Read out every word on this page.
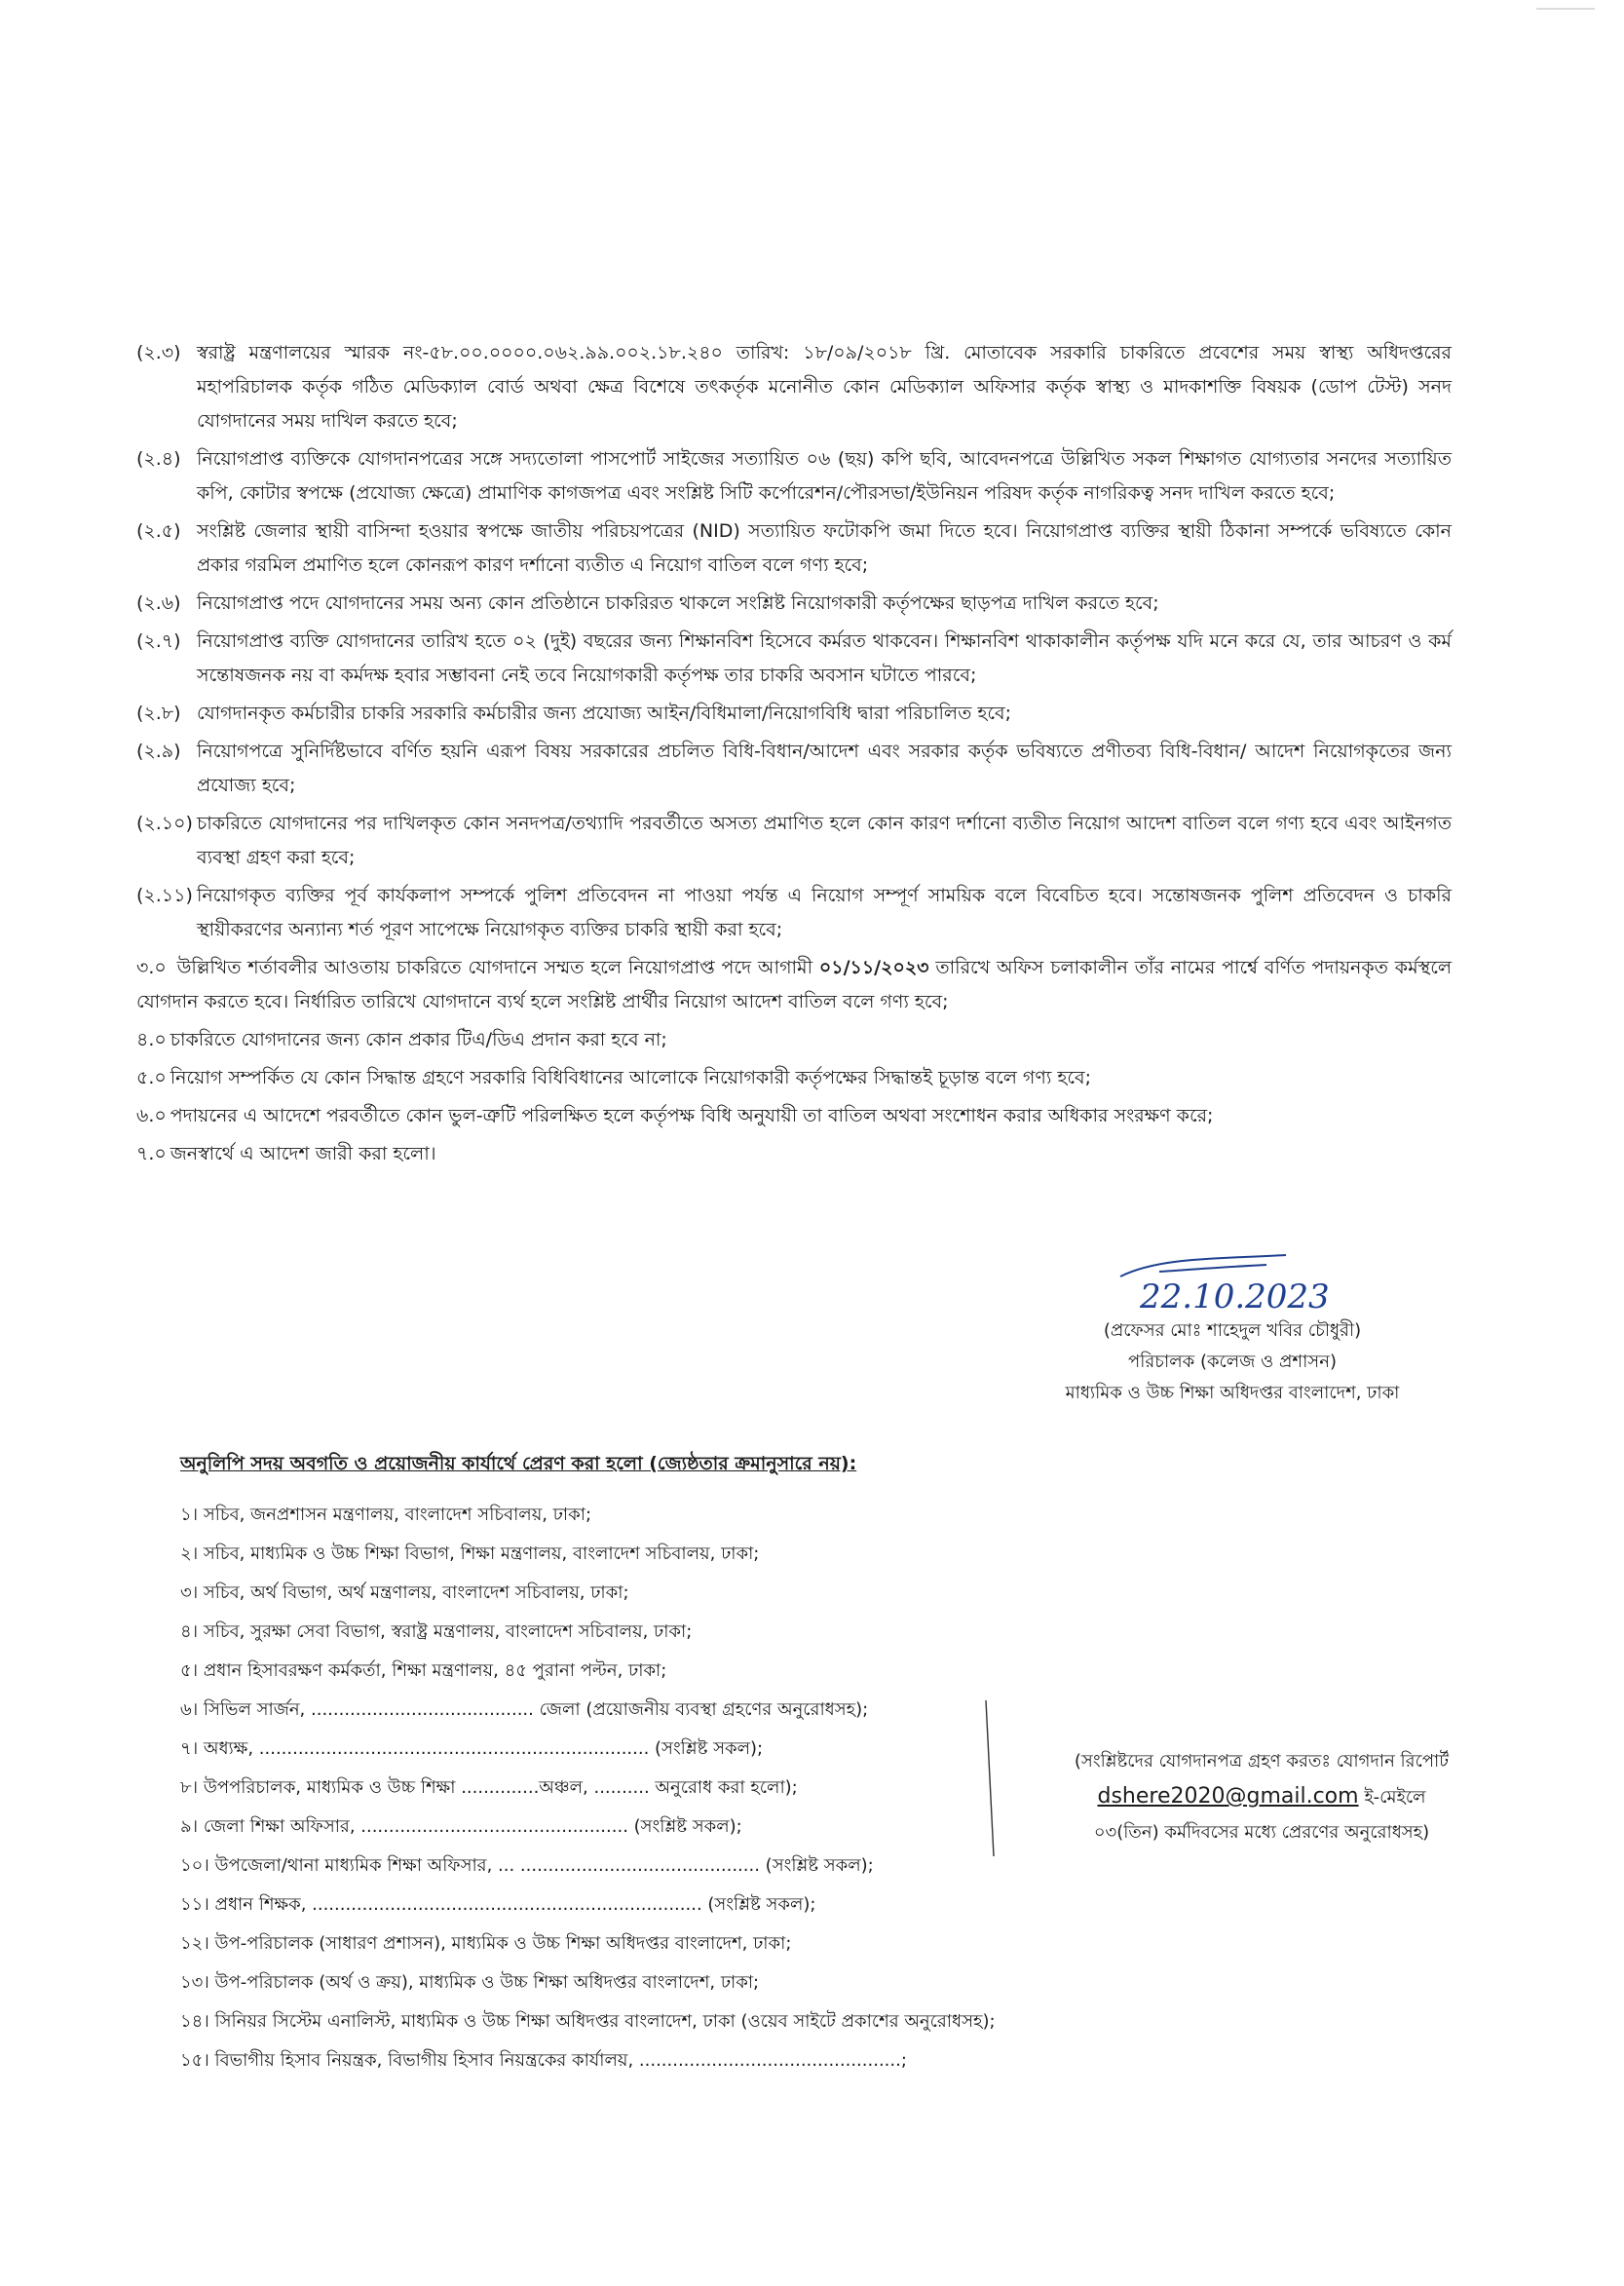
(২.৩) স্বরাষ্ট্র মন্ত্রণালয়ের স্মারক নং-৫৮.০০.০০০০.০৬২.৯৯.০০২.১৮.২৪০ তারিখ: ১৮/০৯/২০১৮ খ্রি. মোতাবেক সরকারি চাকরিতে প্রবেশের সময় স্বাস্থ্য অধিদপ্তরের মহাপরিচালক কর্তৃক গঠিত মেডিক্যাল বোর্ড অথবা ক্ষেত্র বিশেষে তৎকর্তৃক মনোনীত কোন মেডিক্যাল অফিসার কর্তৃক স্বাস্থ্য ও মাদকাশক্তি বিষয়ক (ডোপ টেস্ট) সনদ যোগদানের সময় দাখিল করতে হবে;
(২.৪) নিয়োগপ্রাপ্ত ব্যক্তিকে যোগদানপত্রের সঙ্গে সদ্যতোলা পাসপোর্ট সাইজের সত্যায়িত ০৬ (ছয়) কপি ছবি, আবেদনপত্রে উল্লিখিত সকল শিক্ষাগত যোগ্যতার সনদের সত্যায়িত কপি, কোটার স্বপক্ষে (প্রযোজ্য ক্ষেত্রে) প্রামাণিক কাগজপত্র এবং সংশ্লিষ্ট সিটি কর্পোরেশন/পৌরসভা/ইউনিয়ন পরিষদ কর্তৃক নাগরিকত্ব সনদ দাখিল করতে হবে;
(২.৫) সংশ্লিষ্ট জেলার স্থায়ী বাসিন্দা হওয়ার স্বপক্ষে জাতীয় পরিচয়পত্রের (NID) সত্যায়িত ফটোকপি জমা দিতে হবে। নিয়োগপ্রাপ্ত ব্যক্তির স্থায়ী ঠিকানা সম্পর্কে ভবিষ্যতে কোন প্রকার গরমিল প্রমাণিত হলে কোনরূপ কারণ দর্শানো ব্যতীত এ নিয়োগ বাতিল বলে গণ্য হবে;
(২.৬) নিয়োগপ্রাপ্ত পদে যোগদানের সময় অন্য কোন প্রতিষ্ঠানে চাকরিরত থাকলে সংশ্লিষ্ট নিয়োগকারী কর্তৃপক্ষের ছাড়পত্র দাখিল করতে হবে;
(২.৭) নিয়োগপ্রাপ্ত ব্যক্তি যোগদানের তারিখ হতে ০২ (দুই) বছরের জন্য শিক্ষানবিশ হিসেবে কর্মরত থাকবেন। শিক্ষানবিশ থাকাকালীন কর্তৃপক্ষ যদি মনে করে যে, তার আচরণ ও কর্ম সন্তোষজনক নয় বা কর্মদক্ষ হবার সম্ভাবনা নেই তবে নিয়োগকারী কর্তৃপক্ষ তার চাকরি অবসান ঘটাতে পারবে;
(২.৮) যোগদানকৃত কর্মচারীর চাকরি সরকারি কর্মচারীর জন্য প্রযোজ্য আইন/বিধিমালা/নিয়োগবিধি দ্বারা পরিচালিত হবে;
(২.৯) নিয়োগপত্রে সুনির্দিষ্টভাবে বর্ণিত হয়নি এরূপ বিষয় সরকারের প্রচলিত বিধি-বিধান/আদেশ এবং সরকার কর্তৃক ভবিষ্যতে প্রণীতব্য বিধি-বিধান/ আদেশ নিয়োগকৃতের জন্য প্রযোজ্য হবে;
(২.১০) চাকরিতে যোগদানের পর দাখিলকৃত কোন সনদপত্র/তথ্যাদি পরবর্তীতে অসত্য প্রমাণিত হলে কোন কারণ দর্শানো ব্যতীত নিয়োগ আদেশ বাতিল বলে গণ্য হবে এবং আইনগত ব্যবস্থা গ্রহণ করা হবে;
(২.১১) নিয়োগকৃত ব্যক্তির পূর্ব কার্যকলাপ সম্পর্কে পুলিশ প্রতিবেদন না পাওয়া পর্যন্ত এ নিয়োগ সম্পূর্ণ সাময়িক বলে বিবেচিত হবে। সন্তোষজনক পুলিশ প্রতিবেদন ও চাকরি স্থায়ীকরণের অন্যান্য শর্ত পূরণ সাপেক্ষে নিয়োগকৃত ব্যক্তির চাকরি স্থায়ী করা হবে;
৩.০ উল্লিখিত শর্তাবলীর আওতায় চাকরিতে যোগদানে সম্মত হলে নিয়োগপ্রাপ্ত পদে আগামী ০১/১১/২০২৩ তারিখে অফিস চলাকালীন তাঁর নামের পার্শ্বে বর্ণিত পদায়নকৃত কর্মস্থলে যোগদান করতে হবে। নির্ধারিত তারিখে যোগদানে ব্যর্থ হলে সংশ্লিষ্ট প্রার্থীর নিয়োগ আদেশ বাতিল বলে গণ্য হবে;
৪.০ চাকরিতে যোগদানের জন্য কোন প্রকার টিএ/ডিএ প্রদান করা হবে না;
৫.০ নিয়োগ সম্পর্কিত যে কোন সিদ্ধান্ত গ্রহণে সরকারি বিধিবিধানের আলোকে নিয়োগকারী কর্তৃপক্ষের সিদ্ধান্তই চূড়ান্ত বলে গণ্য হবে;
৬.০ পদায়নের এ আদেশে পরবর্তীতে কোন ভুল-ত্রুটি পরিলক্ষিত হলে কর্তৃপক্ষ বিধি অনুযায়ী তা বাতিল অথবা সংশোধন করার অধিকার সংরক্ষণ করে;
৭.০ জনস্বার্থে এ আদেশ জারী করা হলো।
22.10.2023
(প্রফেসর মোঃ শাহেদুল খবির চৌধুরী)
পরিচালক (কলেজ ও প্রশাসন)
মাধ্যমিক ও উচ্চ শিক্ষা অধিদপ্তর বাংলাদেশ, ঢাকা
অনুলিপি সদয় অবগতি ও প্রয়োজনীয় কার্যার্থে প্রেরণ করা হলো (জ্যেষ্ঠতার ক্রমানুসারে নয়):
১। সচিব, জনপ্রশাসন মন্ত্রণালয়, বাংলাদেশ সচিবালয়, ঢাকা;
২। সচিব, মাধ্যমিক ও উচ্চ শিক্ষা বিভাগ, শিক্ষা মন্ত্রণালয়, বাংলাদেশ সচিবালয়, ঢাকা;
৩। সচিব, অর্থ বিভাগ, অর্থ মন্ত্রণালয়, বাংলাদেশ সচিবালয়, ঢাকা;
৪। সচিব, সুরক্ষা সেবা বিভাগ, স্বরাষ্ট্র মন্ত্রণালয়, বাংলাদেশ সচিবালয়, ঢাকা;
৫। প্রধান হিসাবরক্ষণ কর্মকর্তা, শিক্ষা মন্ত্রণালয়, ৪৫ পুরানা পল্টন, ঢাকা;
৬। সিভিল সার্জন, ........................................ জেলা (প্রয়োজনীয় ব্যবস্থা গ্রহণের অনুরোধসহ);
৭। অধ্যক্ষ, ...................................................................... (সংশ্লিষ্ট সকল);
৮। উপপরিচালক, মাধ্যমিক ও উচ্চ শিক্ষা ..............অঞ্চল, .......... অনুরোধ করা হলো);
৯। জেলা শিক্ষা অফিসার, ................................................ (সংশ্লিষ্ট সকল);
১০। উপজেলা/থানা মাধ্যমিক শিক্ষা অফিসার, ... ........................................... (সংশ্লিষ্ট সকল);
১১। প্রধান শিক্ষক, ...................................................................... (সংশ্লিষ্ট সকল);
১২। উপ-পরিচালক (সাধারণ প্রশাসন), মাধ্যমিক ও উচ্চ শিক্ষা অধিদপ্তর বাংলাদেশ, ঢাকা;
১৩। উপ-পরিচালক (অর্থ ও ক্রয়), মাধ্যমিক ও উচ্চ শিক্ষা অধিদপ্তর বাংলাদেশ, ঢাকা;
১৪। সিনিয়র সিস্টেম এনালিস্ট, মাধ্যমিক ও উচ্চ শিক্ষা অধিদপ্তর বাংলাদেশ, ঢাকা (ওয়েব সাইটে প্রকাশের অনুরোধসহ);
১৫। বিভাগীয় হিসাব নিয়ন্ত্রক, বিভাগীয় হিসাব নিয়ন্ত্রকের কার্যালয়, ...............................................;
(সংশ্লিষ্টদের যোগদানপত্র গ্রহণ করতঃ যোগদান রিপোর্ট
dshere2020@gmail.com ই-মেইলে
০৩(তিন) কর্মদিবসের মধ্যে প্রেরণের অনুরোধসহ)
